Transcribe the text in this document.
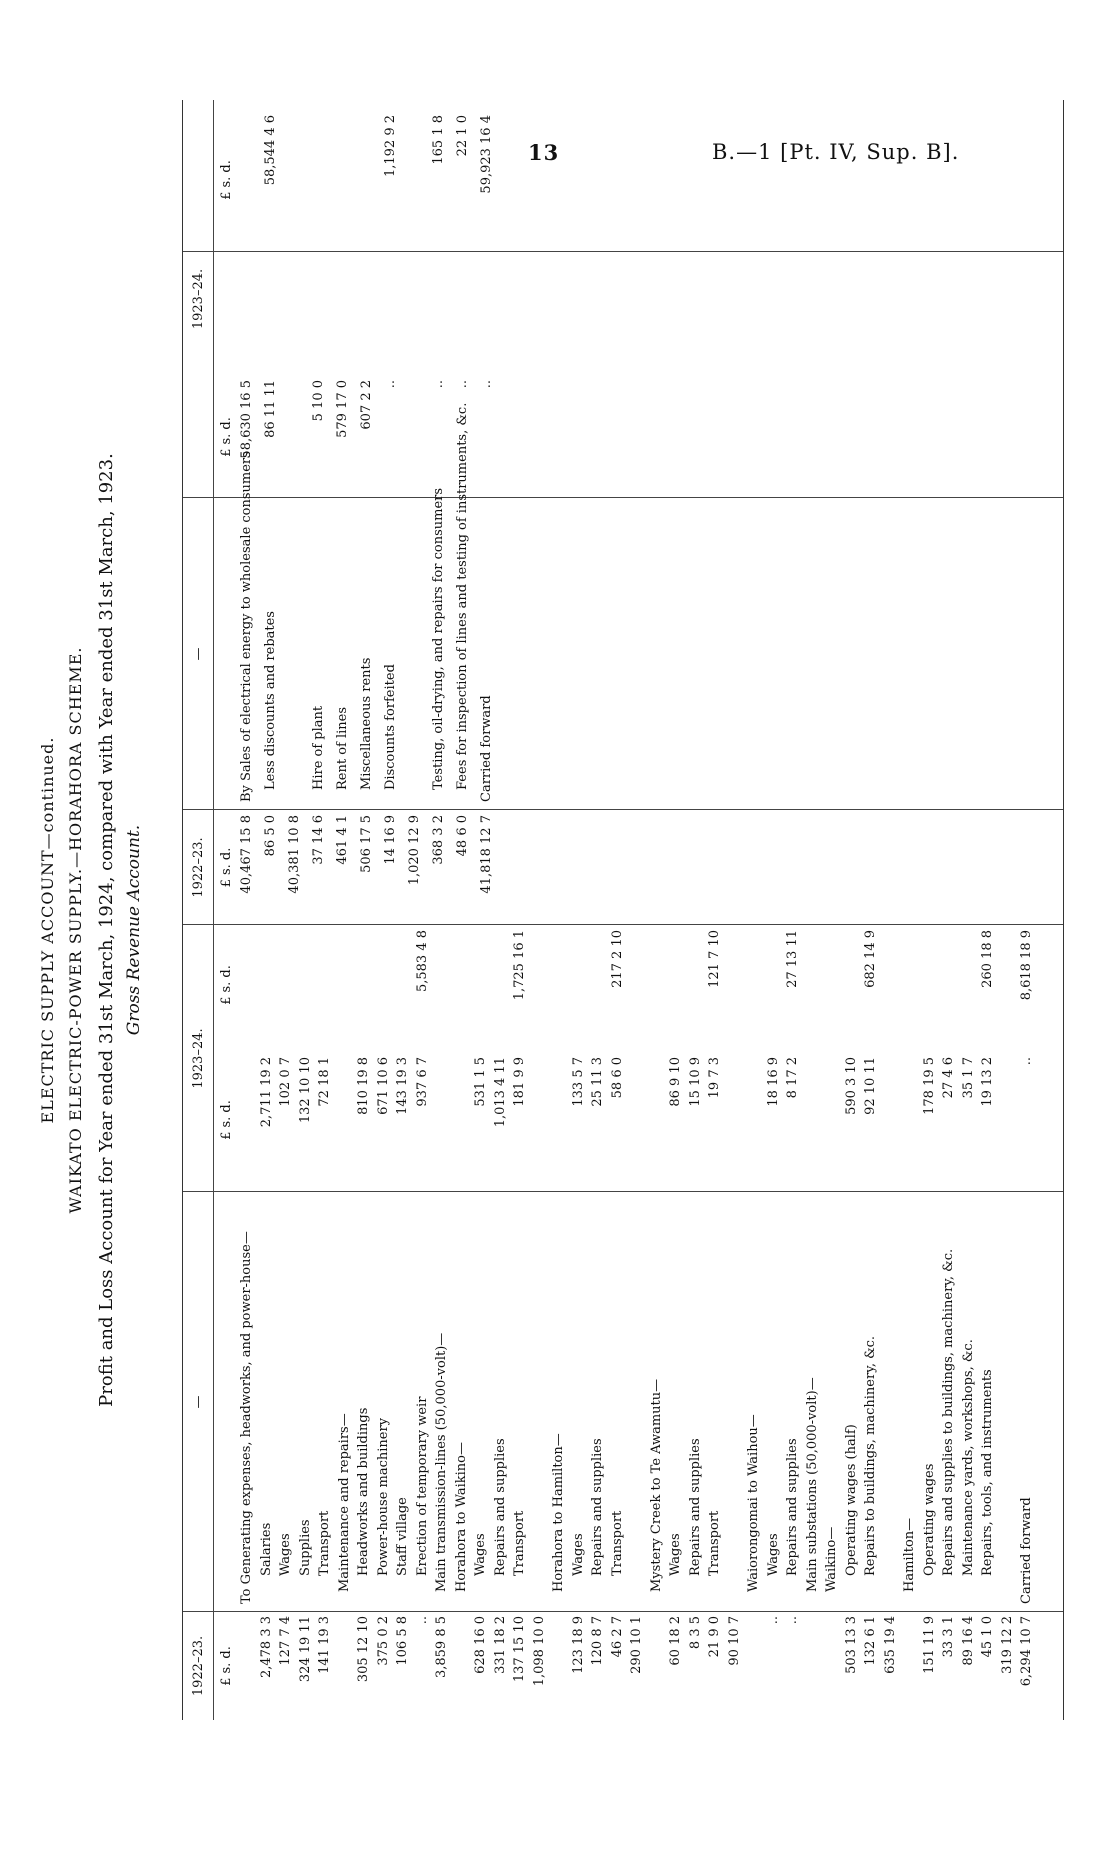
13	B.—1 [Pt. IV, Sup. B].
ELECTRIC SUPPLY ACCOUNT—continued. WAIKATO ELECTRIC-POWER SUPPLY.—HORAHORA SCHEME. Profit and Loss Account for Year ended 31st March, 1924, compared with Year ended 31st March, 1923. Gross Revenue Account.
1922–23.
—
1923–24.
1922–23.
—
1923–24.
£ s. d.
£ s. d.
£ s. d.
£ s. d.
£ s. d.
£ s. d.
To Generating expenses, headworks, and power-house—
2,478 3 3
Salaries
2,711 19 2
127 7 4
Wages
102 0 7
324 19 11
Supplies
132 10 10
141 19 3
Transport
72 18 1
Maintenance and repairs—
305 12 10
Headworks and buildings
810 19 8
375 0 2
Power-house machinery
671 10 6
106 5 8
Staff village
143 19 3
..
Erection of temporary weir
937 6 7
5,583 4 8
3,859 8 5
Main transmission-lines (50,000-volt)— Horahora to Waikino—
628 16 0
Wages
531 1 5
331 18 2
Repairs and supplies
1,013 4 11
137 15 10
Transport
181 9 9
1,725 16 1
1,098 10 0
Horahora to Hamilton—
123 18 9
Wages
133 5 7
120 8 7
Repairs and supplies
25 11 3
46 2 7
Transport
58 6 0
217 2 10
290 10 1
Mystery Creek to Te Awamutu—
60 18 2
Wages
86 9 10
8 3 5
Repairs and supplies
15 10 9
21 9 0
Transport
19 7 3
121 7 10
90 10 7
Waiorongomai to Waihou—
..
Wages
18 16 9
..
Repairs and supplies
8 17 2
27 13 11
Main substations (50,000-volt)— Waikino—
503 13 3
Operating wages (half)
590 3 10
132 6 1
Repairs to buildings, machinery, &c.
92 10 11
682 14 9
635 19 4
Hamilton—
151 11 9
Operating wages
178 19 5
33 3 1
Repairs and supplies to buildings, machinery, &c.
27 4 6
89 16 4
Maintenance yards, workshops, &c.
35 1 7
45 1 0
Repairs, tools, and instruments
19 13 2
260 18 8
319 12 2 6,294 10 7
Carried forward
..
8,618 18 9
40,467 15 8
By Sales of electrical energy to wholesale consumers
58,630 16 5
86 5 0
Less discounts and rebates
86 11 11
58,544 4 6
40,381 10 8 37 14 6
Hire of plant
5 10 0
461 4 1
Rent of lines
579 17 0
506 17 5
Miscellaneous rents
607 2 2
14 16 9
Discounts forfeited
..
1,192 9 2
1,020 12 9 368 3 2
Testing, oil-drying, and repairs for consumers
..
165 1 8
48 6 0
Fees for inspection of lines and testing of instruments, &c.
..
22 1 0
41,818 12 7
Carried forward
..
59,923 16 4
